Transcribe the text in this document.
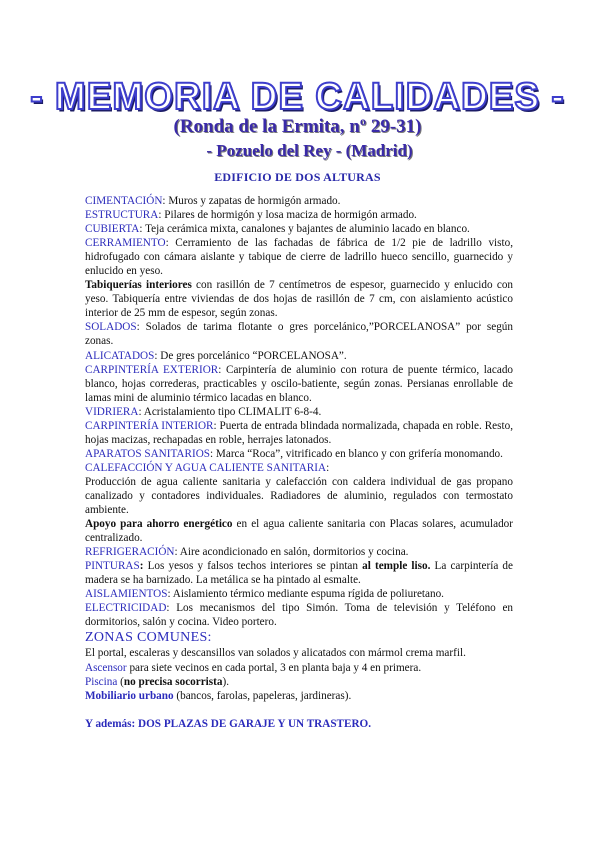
- MEMORIA DE CALIDADES -
(Ronda de la Ermita, nº 29-31)
- Pozuelo del Rey - (Madrid)
EDIFICIO DE DOS ALTURAS

CIMENTACIÓN: Muros y zapatas de hormigón armado.

ESTRUCTURA: Pilares de hormigón y losa maciza de hormigón armado.

CUBIERTA: Teja cerámica mixta, canalones y bajantes de aluminio lacado en blanco.

CERRAMIENTO: Cerramiento de las fachadas de fábrica de 1/2 pie de ladrillo visto, hidrofugado con cámara aislante y tabique de cierre de ladrillo hueco sencillo, guarnecido y enlucido en yeso.

Tabiquerías interiores con rasillón de 7 centímetros de espesor, guarnecido y enlucido con yeso. Tabiquería entre viviendas de dos hojas de rasillón de 7 cm, con aislamiento acústico interior de 25 mm de espesor, según zonas.

SOLADOS: Solados de tarima flotante o gres porcelánico,”PORCELANOSA” por según zonas.

ALICATADOS: De gres porcelánico “PORCELANOSA”.

CARPINTERÍA EXTERIOR: Carpintería de aluminio con rotura de puente térmico, lacado blanco, hojas correderas, practicables y oscilo-batiente, según zonas. Persianas enrollable de lamas mini de aluminio térmico lacadas en blanco.

VIDRIERA: Acristalamiento tipo CLIMALIT 6-8-4.

CARPINTERÍA INTERIOR: Puerta de entrada blindada normalizada, chapada en roble. Resto, hojas macizas, rechapadas en roble, herrajes latonados.

APARATOS SANITARIOS: Marca “Roca”, vitrificado en blanco y con grifería monomando.

CALEFACCIÓN Y AGUA CALIENTE SANITARIA:

Producción de agua caliente sanitaria y calefacción con caldera individual de gas propano canalizado y contadores individuales. Radiadores de aluminio, regulados con termostato ambiente.

Apoyo para ahorro energético en el agua caliente sanitaria con Placas solares, acumulador centralizado.

REFRIGERACIÓN: Aire acondicionado en salón, dormitorios y cocina.

PINTURAS: Los yesos y falsos techos interiores se pintan al temple liso. La carpintería de madera se ha barnizado. La metálica se ha pintado al esmalte.

AISLAMIENTOS: Aislamiento térmico mediante espuma rígida de poliuretano.

ELECTRICIDAD: Los mecanismos del tipo Simón. Toma de televisión y Teléfono en dormitorios, salón y cocina. Video portero.

ZONAS COMUNES:

El portal, escaleras y descansillos van solados y alicatados con mármol crema marfil.

Ascensor para siete vecinos en cada portal, 3 en planta baja y 4 en primera.

Piscina (no precisa socorrista).

Mobiliario urbano (bancos, farolas, papeleras, jardineras).

Y además: DOS PLAZAS DE GARAJE Y UN TRASTERO.
